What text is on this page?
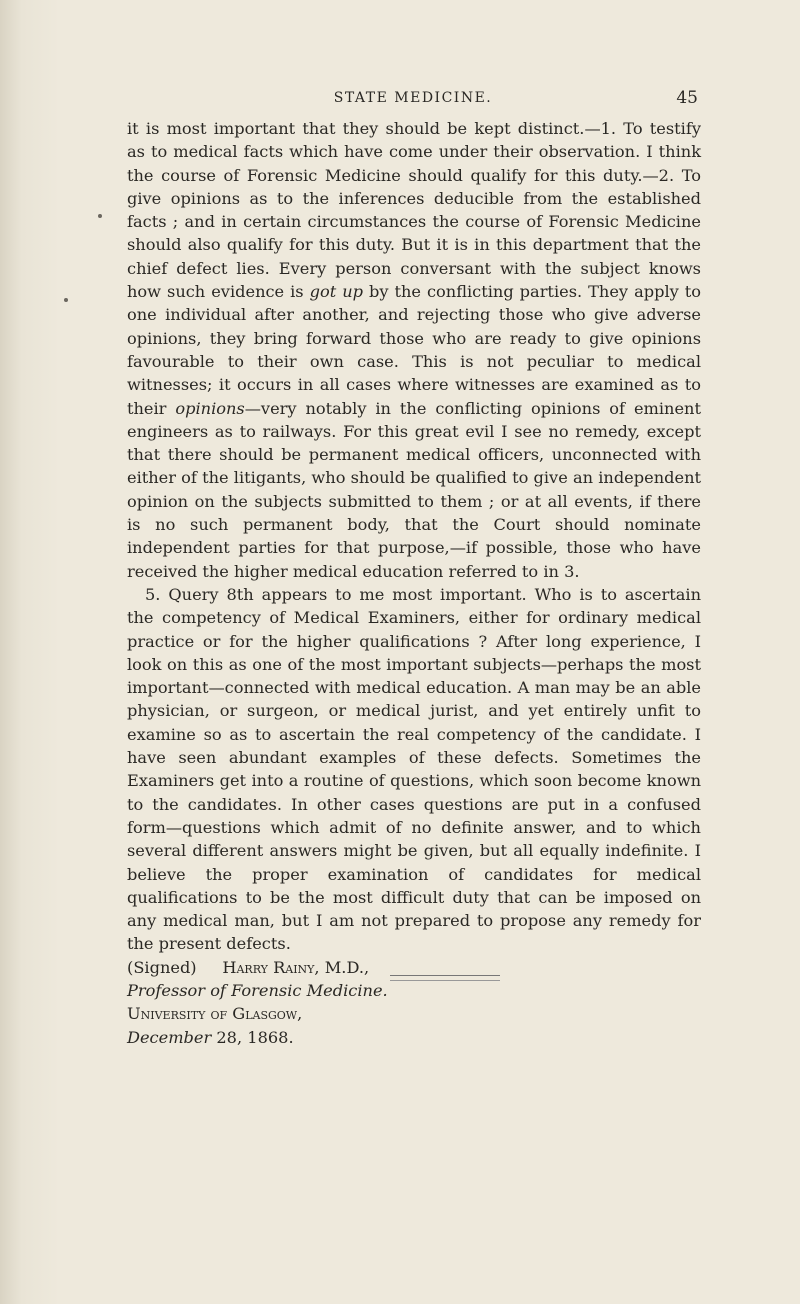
STATE MEDICINE.	45

it is most important that they should be kept distinct.—1. To testify as to medical facts which have come under their observation. I think the course of Forensic Medicine should qualify for this duty.—2. To give opinions as to the inferences deducible from the established facts ; and in certain circumstances the course of Forensic Medicine should also qualify for this duty. But it is in this department that the chief defect lies. Every person conversant with the subject knows how such evidence is got up by the conflicting parties. They apply to one individual after another, and rejecting those who give adverse opinions, they bring forward those who are ready to give opinions favourable to their own case. This is not peculiar to medical witnesses; it occurs in all cases where witnesses are examined as to their opinions—very notably in the conflicting opinions of eminent engineers as to railways. For this great evil I see no remedy, except that there should be permanent medical officers, unconnected with either of the litigants, who should be qualified to give an independent opinion on the subjects submitted to them ; or at all events, if there is no such permanent body, that the Court should nominate independent parties for that purpose,—if possible, those who have received the higher medical education referred to in 3.

5. Query 8th appears to me most important. Who is to ascertain the competency of Medical Examiners, either for ordinary medical practice or for the higher qualifications ? After long experience, I look on this as one of the most important subjects—perhaps the most important—connected with medical education. A man may be an able physician, or surgeon, or medical jurist, and yet entirely unfit to examine so as to ascertain the real competency of the candidate. I have seen abundant examples of these defects. Sometimes the Examiners get into a routine of questions, which soon become known to the candidates. In other cases questions are put in a confused form—questions which admit of no definite answer, and to which several different answers might be given, but all equally indefinite. I believe the proper examination of candidates for medical qualifications to be the most difficult duty that can be imposed on any medical man, but I am not prepared to propose any remedy for the present defects.

(Signed) Harry Rainy, M.D.,

Professor of Forensic Medicine.

University of Glasgow,

December 28, 1868.
